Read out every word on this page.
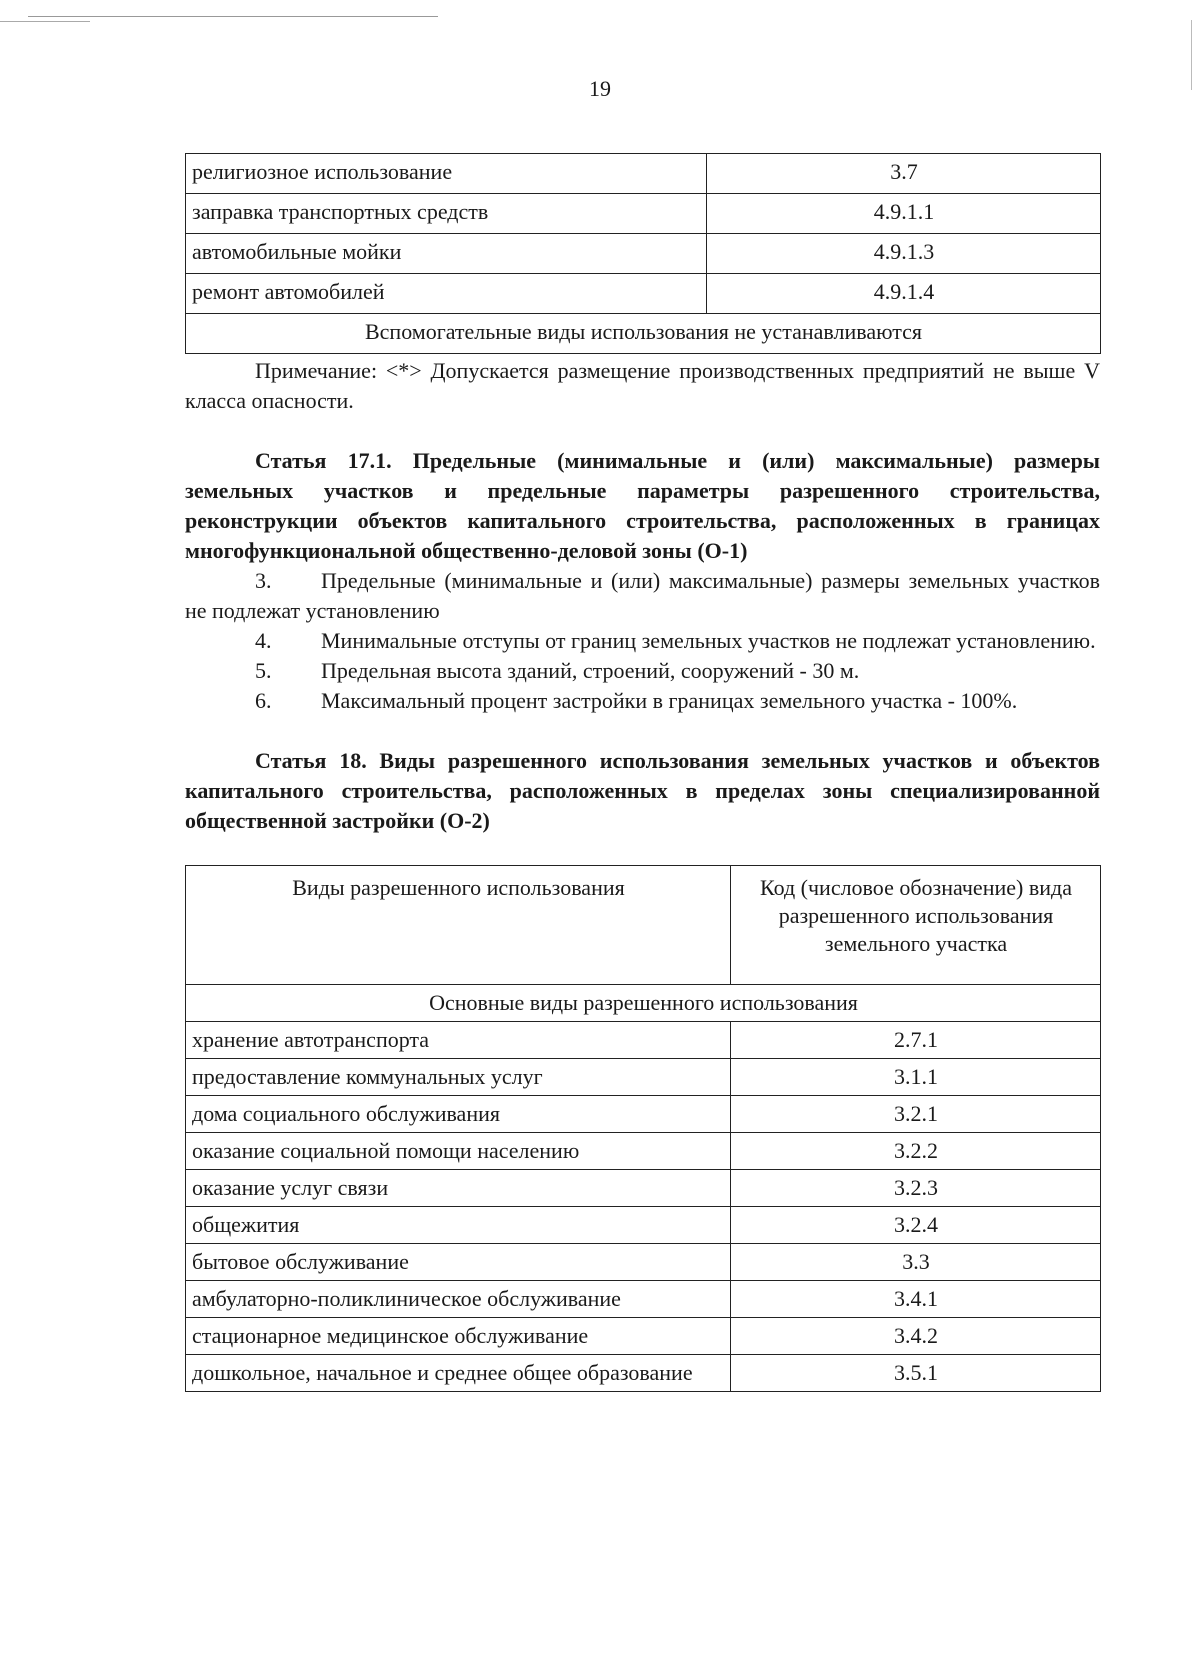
19
религиозное использование	3.7
заправка транспортных средств	4.9.1.1
автомобильные мойки	4.9.1.3
ремонт автомобилей	4.9.1.4
Вспомогательные виды использования не устанавливаются	

Примечание: <*> Допускается размещение производственных предприятий не выше V класса опасности.

Статья 17.1. Предельные (минимальные и (или) максимальные) размеры земельных участков и предельные параметры разрешенного строительства, реконструкции объектов капитального строительства, расположенных в границах многофункциональной общественно-деловой зоны (О-1)

3. Предельные (минимальные и (или) максимальные) размеры земельных участков не подлежат установлению

4. Минимальные отступы от границ земельных участков не подлежат установлению.

5. Предельная высота зданий, строений, сооружений - 30 м.

6. Максимальный процент застройки в границах земельного участка - 100%.

Статья 18. Виды разрешенного использования земельных участков и объектов капитального строительства, расположенных в пределах зоны специализированной общественной застройки (О-2)

Виды разрешенного использования	Код (числовое обозначение) вида разрешенного использования земельного участка
Основные виды разрешенного использования	
хранение автотранспорта	2.7.1
предоставление коммунальных услуг	3.1.1
дома социального обслуживания	3.2.1
оказание социальной помощи населению	3.2.2
оказание услуг связи	3.2.3
общежития	3.2.4
бытовое обслуживание	3.3
амбулаторно-поликлиническое обслуживание	3.4.1
стационарное медицинское обслуживание	3.4.2
дошкольное, начальное и среднее общее образование	3.5.1
